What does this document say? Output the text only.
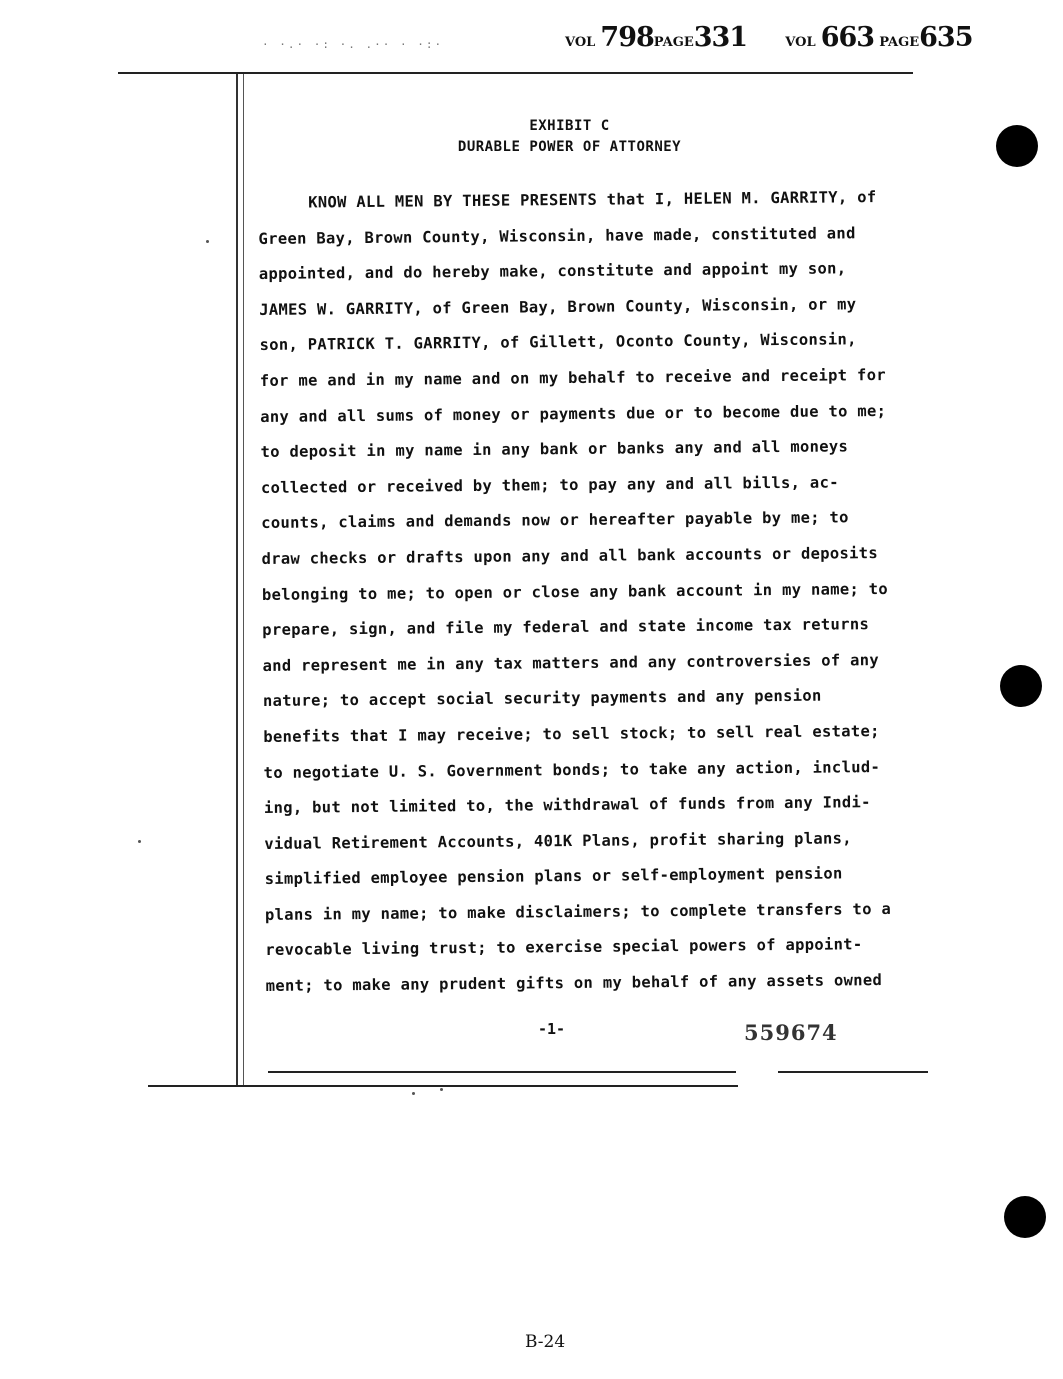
· ·.· ·: ·. .·· · ·:·	VOL 798PAGE331	VOL 663 PAGE635
EXHIBIT C
DURABLE POWER OF ATTORNEY
KNOW ALL MEN BY THESE PRESENTS that I, HELEN M. GARRITY, of
Green Bay, Brown County, Wisconsin, have made, constituted and
appointed, and do hereby make, constitute and appoint my son,
JAMES W. GARRITY, of Green Bay, Brown County, Wisconsin, or my
son, PATRICK T. GARRITY, of Gillett, Oconto County, Wisconsin,
for me and in my name and on my behalf to receive and receipt for
any and all sums of money or payments due or to become due to me;
to deposit in my name in any bank or banks any and all moneys
collected or received by them; to pay any and all bills, ac-
counts, claims and demands now or hereafter payable by me; to
draw checks or drafts upon any and all bank accounts or deposits
belonging to me; to open or close any bank account in my name; to
prepare, sign, and file my federal and state income tax returns
and represent me in any tax matters and any controversies of any
nature; to accept social security payments and any pension
benefits that I may receive; to sell stock; to sell real estate;
to negotiate U. S. Government bonds; to take any action, includ-
ing, but not limited to, the withdrawal of funds from any Indi-
vidual Retirement Accounts, 401K Plans, profit sharing plans,
simplified employee pension plans or self-employment pension
plans in my name; to make disclaimers; to complete transfers to a
revocable living trust; to exercise special powers of appoint-
ment; to make any prudent gifts on my behalf of any assets owned
-1-	559674
B-24
